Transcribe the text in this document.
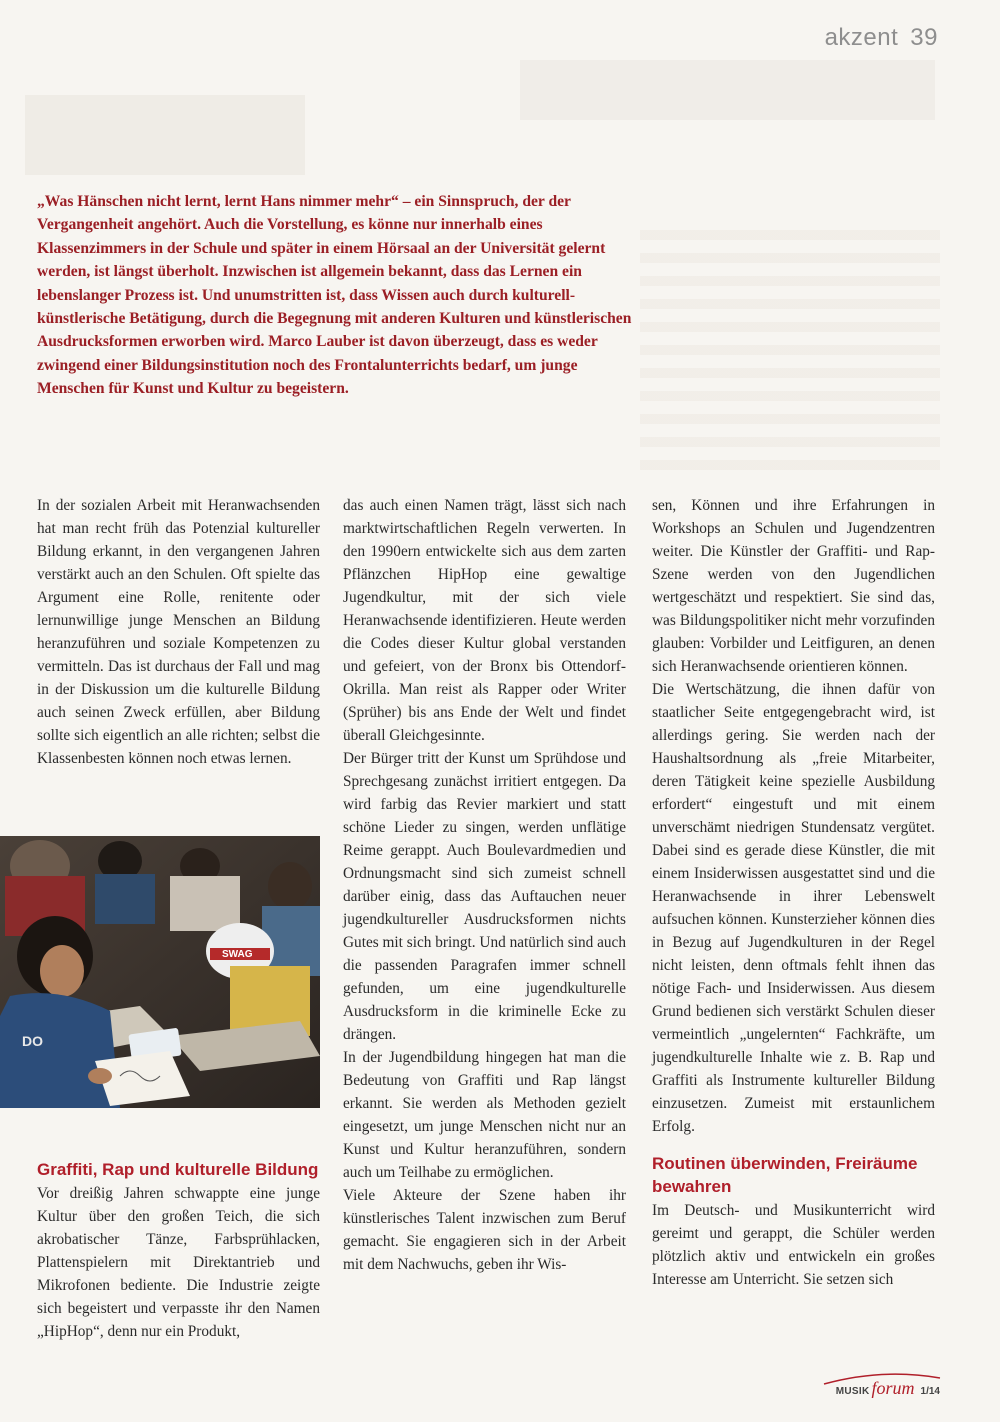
akzent 39

„Was Hänschen nicht lernt, lernt Hans nimmer mehr“ – ein Sinnspruch, der der Vergangenheit angehört. Auch die Vorstellung, es könne nur innerhalb eines Klassenzimmers in der Schule und später in einem Hörsaal an der Universität gelernt werden, ist längst überholt. Inzwischen ist allgemein bekannt, dass das Lernen ein lebenslanger Prozess ist. Und unumstritten ist, dass Wissen auch durch kulturell-künstlerische Betätigung, durch die Begegnung mit anderen Kulturen und künstlerischen Ausdrucksformen erworben wird. Marco Lauber ist davon überzeugt, dass es weder zwingend einer Bildungsinstitution noch des Frontalunterrichts bedarf, um junge Menschen für Kunst und Kultur zu begeistern.

In der sozialen Arbeit mit Heranwachsenden hat man recht früh das Potenzial kultureller Bildung erkannt, in den vergangenen Jahren verstärkt auch an den Schulen. Oft spielte das Argument eine Rolle, renitente oder lernunwillige junge Menschen an Bildung heranzuführen und soziale Kompetenzen zu vermitteln. Das ist durchaus der Fall und mag in der Diskussion um die kulturelle Bildung auch seinen Zweck erfüllen, aber Bildung sollte sich eigentlich an alle richten; selbst die Klassenbesten können noch etwas lernen.

SWAG
DO
Graffiti, Rap und kulturelle Bildung

Vor dreißig Jahren schwappte eine junge Kultur über den großen Teich, die sich akrobatischer Tänze, Farbsprühlacken, Plattenspielern mit Direktantrieb und Mikrofonen bediente. Die Industrie zeigte sich begeistert und verpasste ihr den Namen „HipHop“, denn nur ein Produkt,

das auch einen Namen trägt, lässt sich nach marktwirtschaftlichen Regeln verwerten. In den 1990ern entwickelte sich aus dem zarten Pflänzchen HipHop eine gewaltige Jugendkultur, mit der sich viele Heranwachsende identifizieren. Heute werden die Codes dieser Kultur global verstanden und gefeiert, von der Bronx bis Ottendorf-Okrilla. Man reist als Rapper oder Writer (Sprüher) bis ans Ende der Welt und findet überall Gleichgesinnte.

Der Bürger tritt der Kunst um Sprühdose und Sprechgesang zunächst irritiert entgegen. Da wird farbig das Revier markiert und statt schöne Lieder zu singen, werden unflätige Reime gerappt. Auch Boulevardmedien und Ordnungsmacht sind sich zumeist schnell darüber einig, dass das Auftauchen neuer jugendkultureller Ausdrucksformen nichts Gutes mit sich bringt. Und natürlich sind auch die passenden Paragrafen immer schnell gefunden, um eine jugendkulturelle Ausdrucksform in die kriminelle Ecke zu drängen.

In der Jugendbildung hingegen hat man die Bedeutung von Graffiti und Rap längst erkannt. Sie werden als Methoden gezielt eingesetzt, um junge Menschen nicht nur an Kunst und Kultur heranzuführen, sondern auch um Teilhabe zu ermöglichen.

Viele Akteure der Szene haben ihr künstlerisches Talent inzwischen zum Beruf gemacht. Sie engagieren sich in der Arbeit mit dem Nachwuchs, geben ihr Wis-

sen, Können und ihre Erfahrungen in Workshops an Schulen und Jugendzentren weiter. Die Künstler der Graffiti- und Rap-Szene werden von den Jugendlichen wertgeschätzt und respektiert. Sie sind das, was Bildungspolitiker nicht mehr vorzufinden glauben: Vorbilder und Leitfiguren, an denen sich Heranwachsende orientieren können.

Die Wertschätzung, die ihnen dafür von staatlicher Seite entgegengebracht wird, ist allerdings gering. Sie werden nach der Haushaltsordnung als „freie Mitarbeiter, deren Tätigkeit keine spezielle Ausbildung erfordert“ eingestuft und mit einem unverschämt niedrigen Stundensatz vergütet. Dabei sind es gerade diese Künstler, die mit einem Insiderwissen ausgestattet sind und die Heranwachsende in ihrer Lebenswelt aufsuchen können. Kunsterzieher können dies in Bezug auf Jugendkulturen in der Regel nicht leisten, denn oftmals fehlt ihnen das nötige Fach- und Insiderwissen. Aus diesem Grund bedienen sich verstärkt Schulen dieser vermeintlich „ungelernten“ Fachkräfte, um jugendkulturelle Inhalte wie z. B. Rap und Graffiti als Instrumente kultureller Bildung einzusetzen. Zumeist mit erstaunlichem Erfolg.

Routinen überwinden, Freiräume bewahren

Im Deutsch- und Musikunterricht wird gereimt und gerappt, die Schüler werden plötzlich aktiv und entwickeln ein großes Interesse am Unterricht. Sie setzen sich

MUSIK forum 1/14
